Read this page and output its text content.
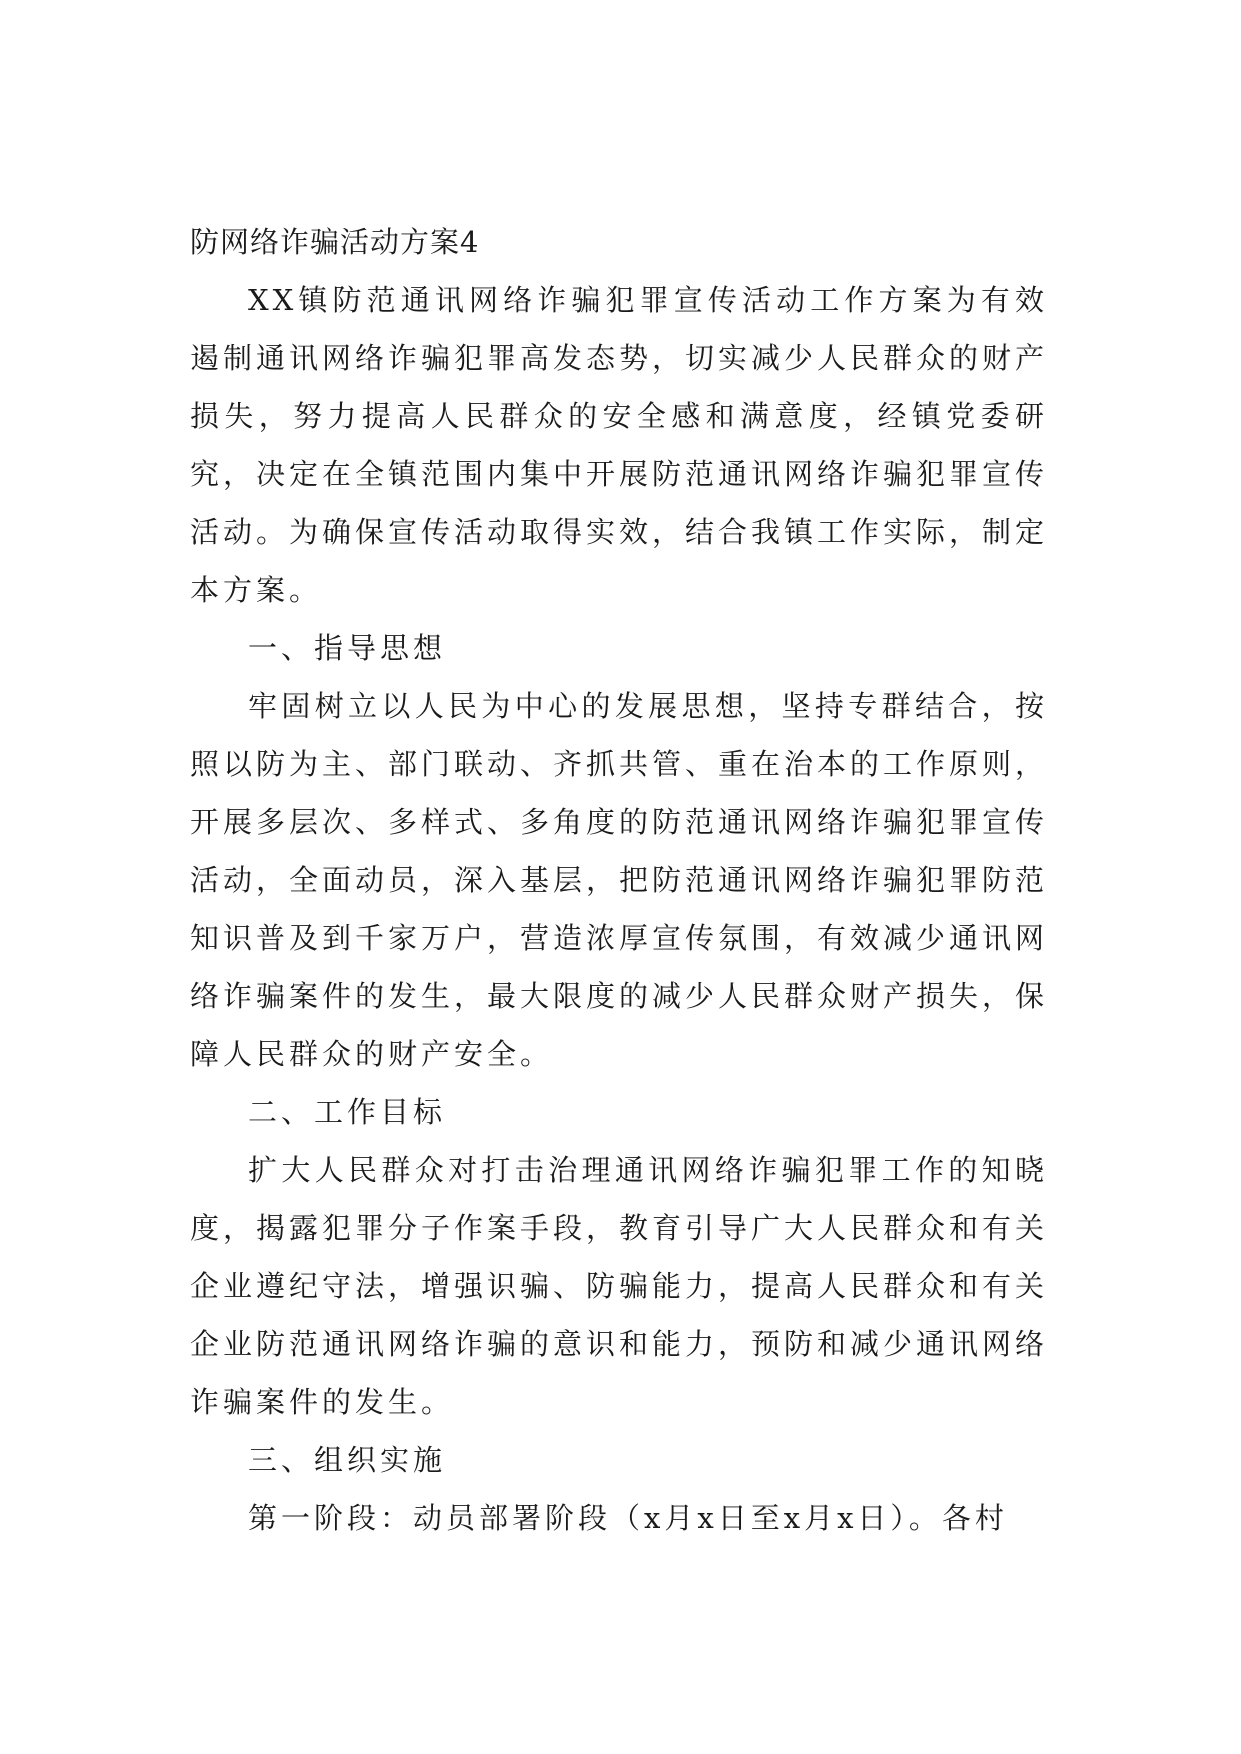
防网络诈骗活动方案4

XX镇防范通讯网络诈骗犯罪宣传活动工作方案为有效遏制通讯网络诈骗犯罪高发态势，切实减少人民群众的财产损失，努力提高人民群众的安全感和满意度，经镇党委研究，决定在全镇范围内集中开展防范通讯网络诈骗犯罪宣传活动。为确保宣传活动取得实效，结合我镇工作实际，制定本方案。

一、指导思想

牢固树立以人民为中心的发展思想，坚持专群结合，按照以防为主、部门联动、齐抓共管、重在治本的工作原则，开展多层次、多样式、多角度的防范通讯网络诈骗犯罪宣传活动，全面动员，深入基层，把防范通讯网络诈骗犯罪防范知识普及到千家万户，营造浓厚宣传氛围，有效减少通讯网络诈骗案件的发生，最大限度的减少人民群众财产损失，保障人民群众的财产安全。

二、工作目标

扩大人民群众对打击治理通讯网络诈骗犯罪工作的知晓度，揭露犯罪分子作案手段，教育引导广大人民群众和有关企业遵纪守法，增强识骗、防骗能力，提高人民群众和有关企业防范通讯网络诈骗的意识和能力，预防和减少通讯网络诈骗案件的发生。

三、组织实施

第一阶段：动员部署阶段（x月x日至x月x日）。各村
